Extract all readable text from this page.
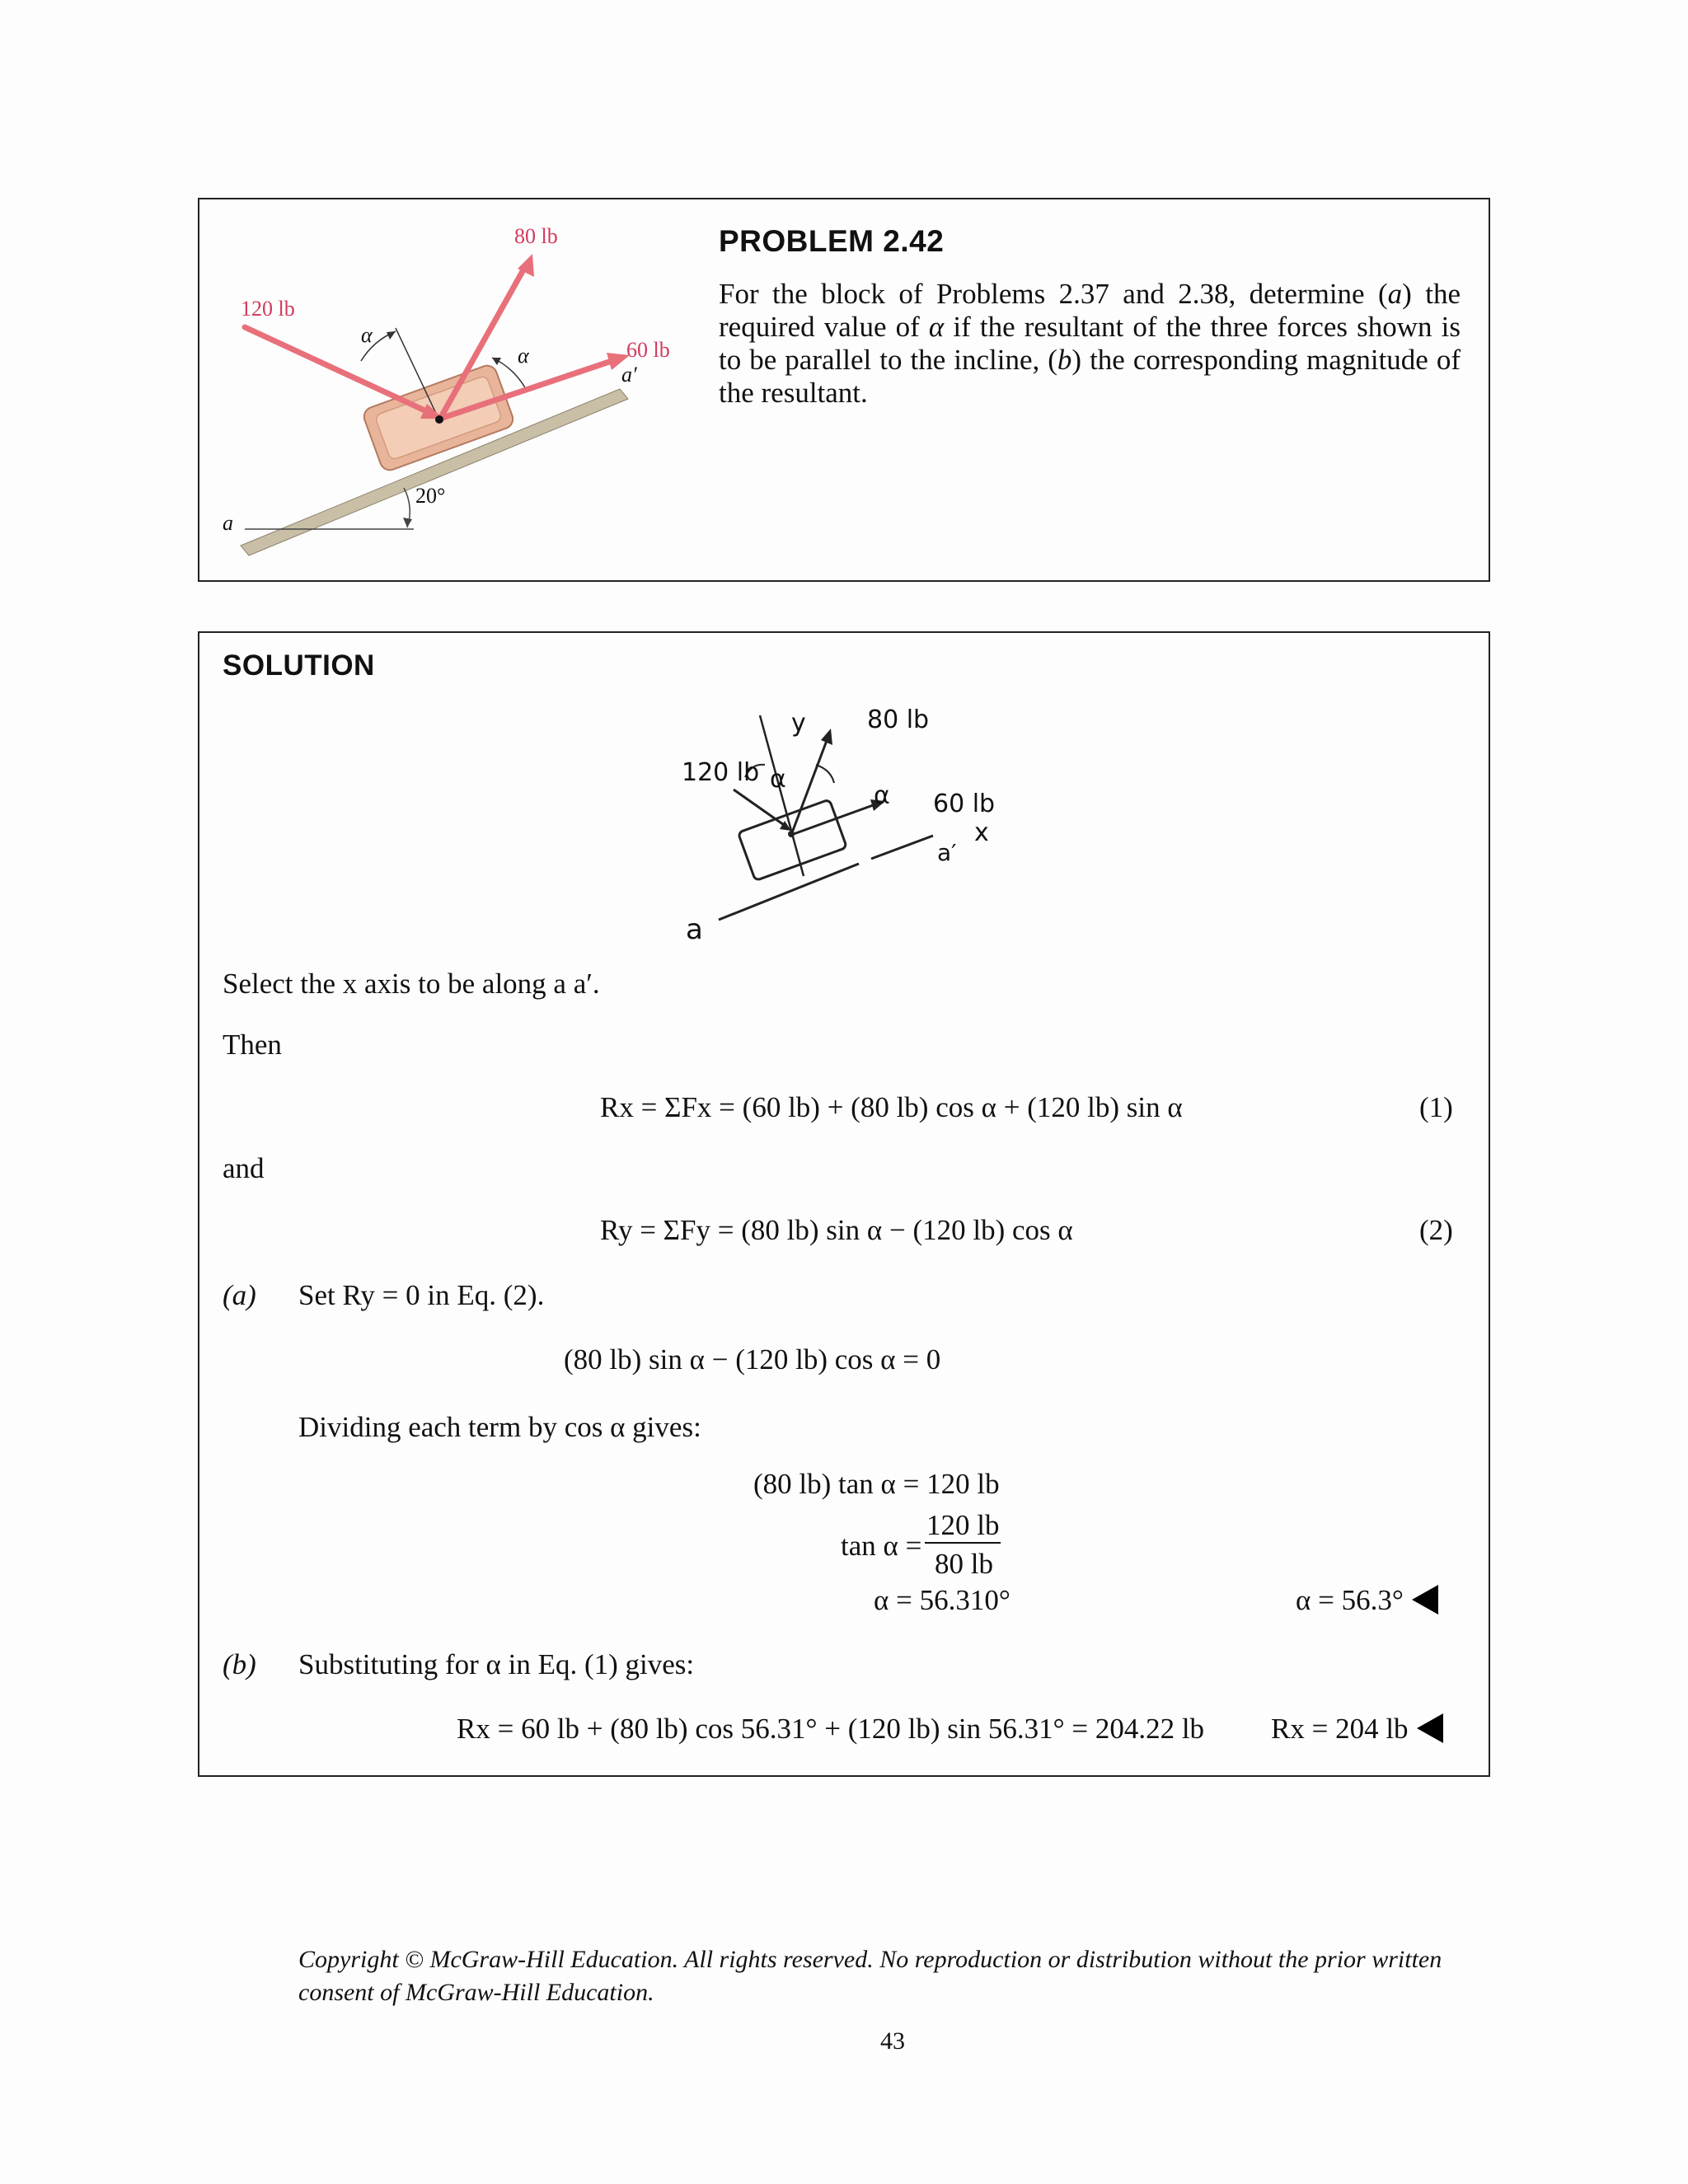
120 lb
80 lb
60 lb
α
α
a′
20°
a
PROBLEM 2.42
For the block of Problems 2.37 and 2.38, determine (a) the required value of α if the resultant of the three forces shown is to be parallel to the incline, (b) the corresponding magnitude of the resultant.
SOLUTION
120 lb
80 lb
60 lb
α
α
y
x
a′
a
Select the x axis to be along a a′.
Then
Rx = ΣFx = (60 lb) + (80 lb) cos α + (120 lb) sin α	(1)
and
Ry = ΣFy = (80 lb) sin α − (120 lb) cos α	(2)
(a) Set Ry = 0 in Eq. (2).
(80 lb) sin α − (120 lb) cos α = 0
Dividing each term by cos α gives:
(80 lb) tan α = 120 lb
tan α =
120 lb
80 lb
α = 56.310°	α = 56.3°
(b) Substituting for α in Eq. (1) gives:
Rx = 60 lb + (80 lb) cos 56.31° + (120 lb) sin 56.31° = 204.22 lb Rx = 204 lb
Copyright © McGraw-Hill Education. All rights reserved. No reproduction or distribution without the prior written consent of McGraw-Hill Education.
43
